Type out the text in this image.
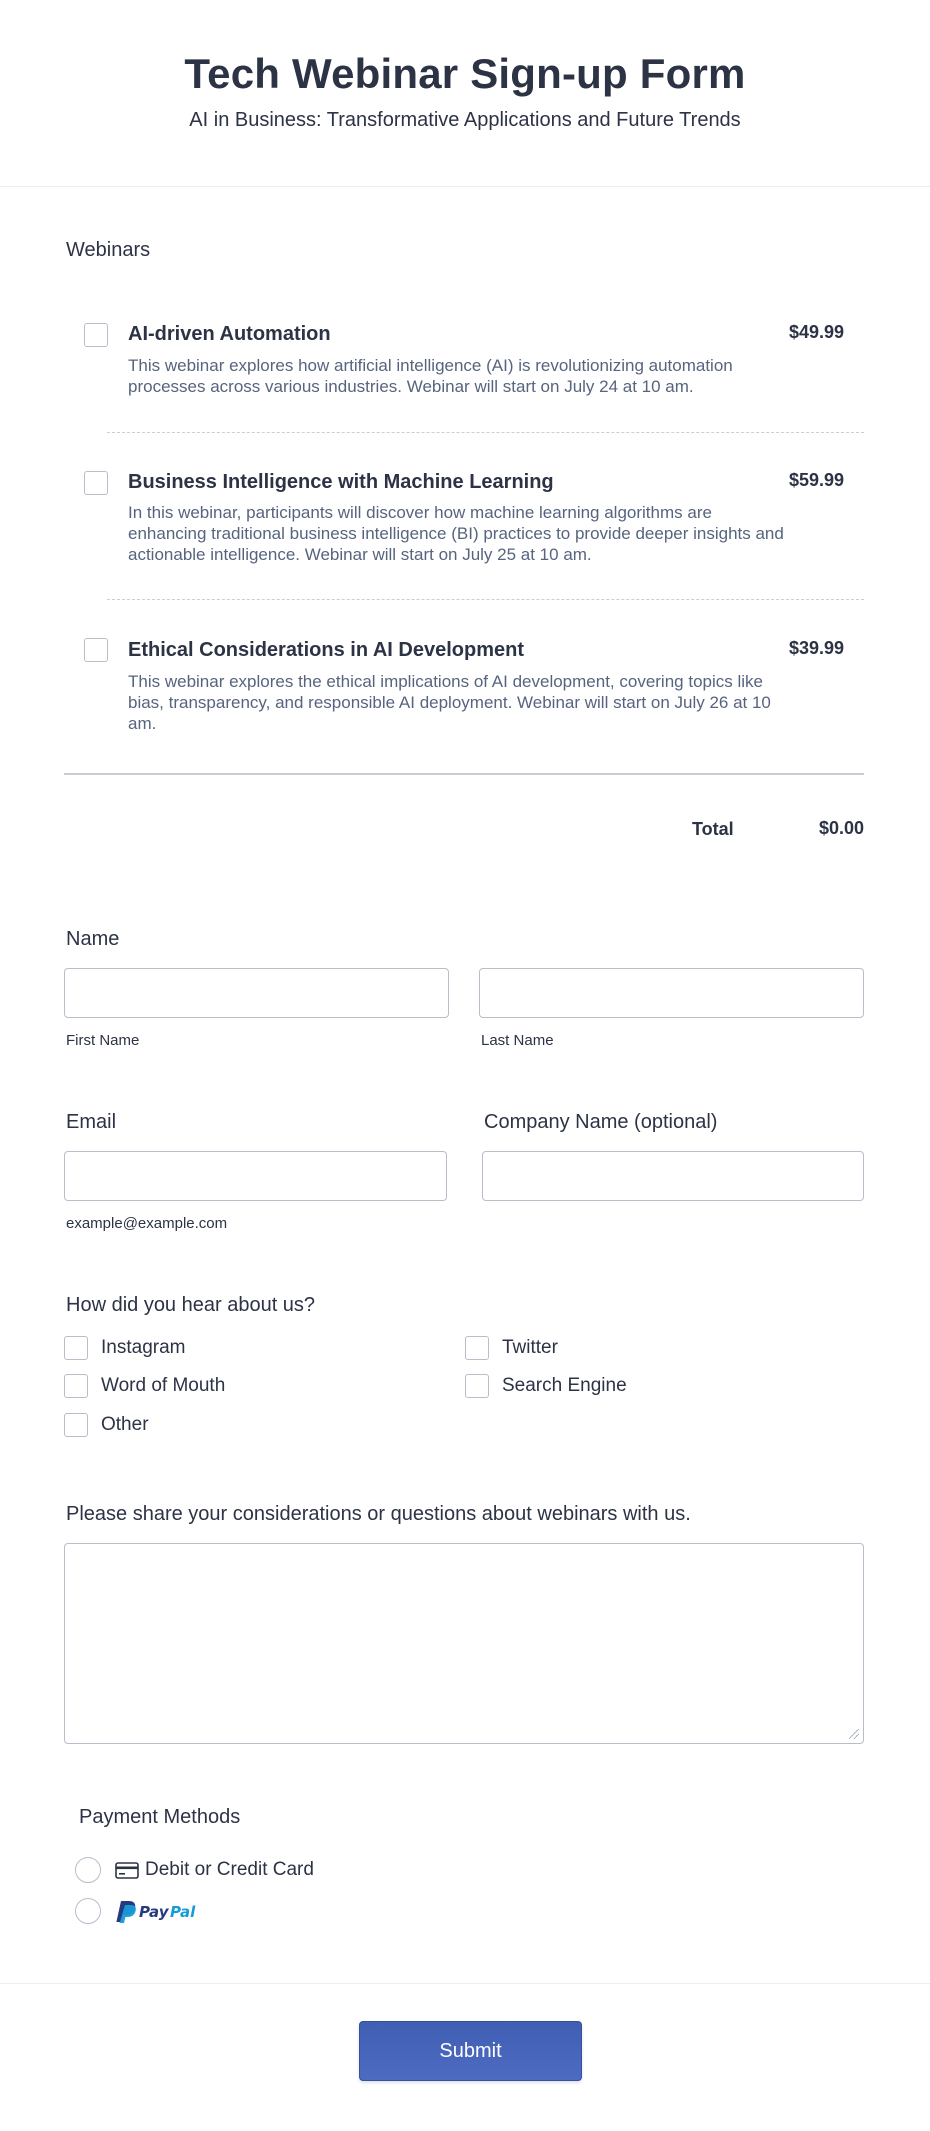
Tech Webinar Sign-up Form

AI in Business: Transformative Applications and Future Trends

Webinars
AI-driven Automation	$49.99
This webinar explores how artificial intelligence (AI) is revolutionizing automation processes across various industries. Webinar will start on July 24 at 10 am.
Business Intelligence with Machine Learning	$59.99
In this webinar, participants will discover how machine learning algorithms are enhancing traditional business intelligence (BI) practices to provide deeper insights and actionable intelligence. Webinar will start on July 25 at 10 am.
Ethical Considerations in AI Development	$39.99
This webinar explores the ethical implications of AI development, covering topics like bias, transparency, and responsible AI deployment. Webinar will start on July 26 at 10 am.
Total	$0.00
Name
First Name	Last Name
Email	Company Name (optional)
example@example.com
How did you hear about us?
Instagram	Twitter
Word of Mouth	Search Engine
Other
Please share your considerations or questions about webinars with us.
Payment Methods
Debit or Credit Card
Pay Pal
Submit
